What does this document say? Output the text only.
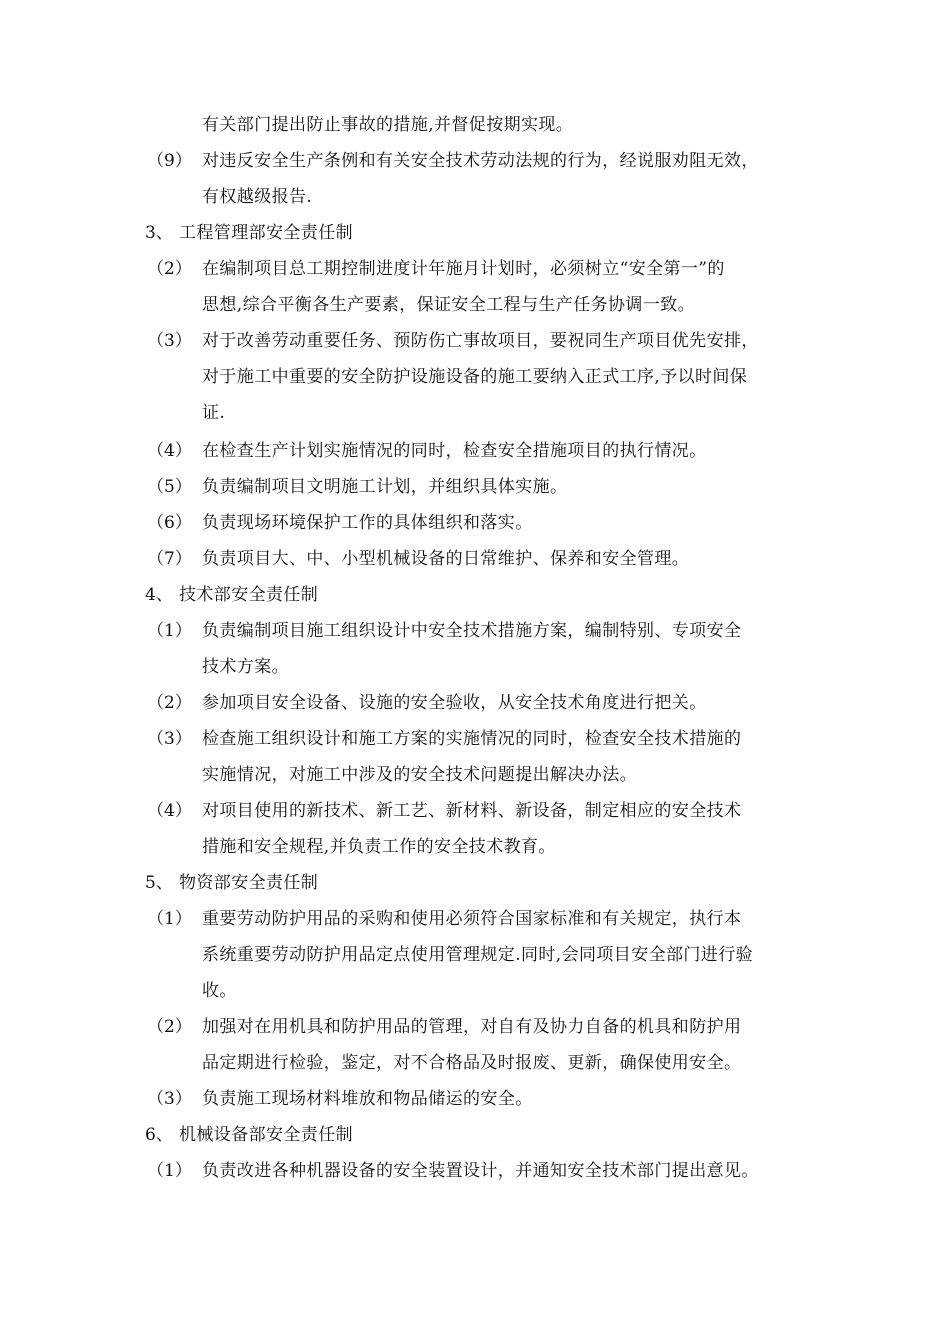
有关部门提出防止事故的措施,并督促按期实现。
（9） 对违反安全生产条例和有关安全技术劳动法规的行为，经说服劝阻无效，
有权越级报告.
3、 工程管理部安全责任制
（2） 在编制项目总工期控制进度计年施月计划时，必须树立“安全第一”的
思想,综合平衡各生产要素，保证安全工程与生产任务协调一致。
（3） 对于改善劳动重要任务、预防伤亡事故项目，要祝同生产项目优先安排，
对于施工中重要的安全防护设施设备的施工要纳入正式工序,予以时间保
证.
（4） 在检查生产计划实施情况的同时，检查安全措施项目的执行情况。
（5） 负责编制项目文明施工计划，并组织具体实施。
（6） 负责现场环境保护工作的具体组织和落实。
（7） 负责项目大、中、小型机械设备的日常维护、保养和安全管理。
4、 技术部安全责任制
（1） 负责编制项目施工组织设计中安全技术措施方案，编制特别、专项安全
技术方案。
（2） 参加项目安全设备、设施的安全验收，从安全技术角度进行把关。
（3） 检查施工组织设计和施工方案的实施情况的同时，检查安全技术措施的
实施情况，对施工中涉及的安全技术问题提出解决办法。
（4） 对项目使用的新技术、新工艺、新材料、新设备，制定相应的安全技术
措施和安全规程,并负责工作的安全技术教育。
5、 物资部安全责任制
（1） 重要劳动防护用品的采购和使用必须符合国家标准和有关规定，执行本
系统重要劳动防护用品定点使用管理规定.同时,会同项目安全部门进行验
收。
（2） 加强对在用机具和防护用品的管理，对自有及协力自备的机具和防护用
品定期进行检验，鉴定，对不合格品及时报废、更新，确保使用安全。
（3） 负责施工现场材料堆放和物品储运的安全。
6、 机械设备部安全责任制
（1） 负责改进各种机器设备的安全装置设计，并通知安全技术部门提出意见。
